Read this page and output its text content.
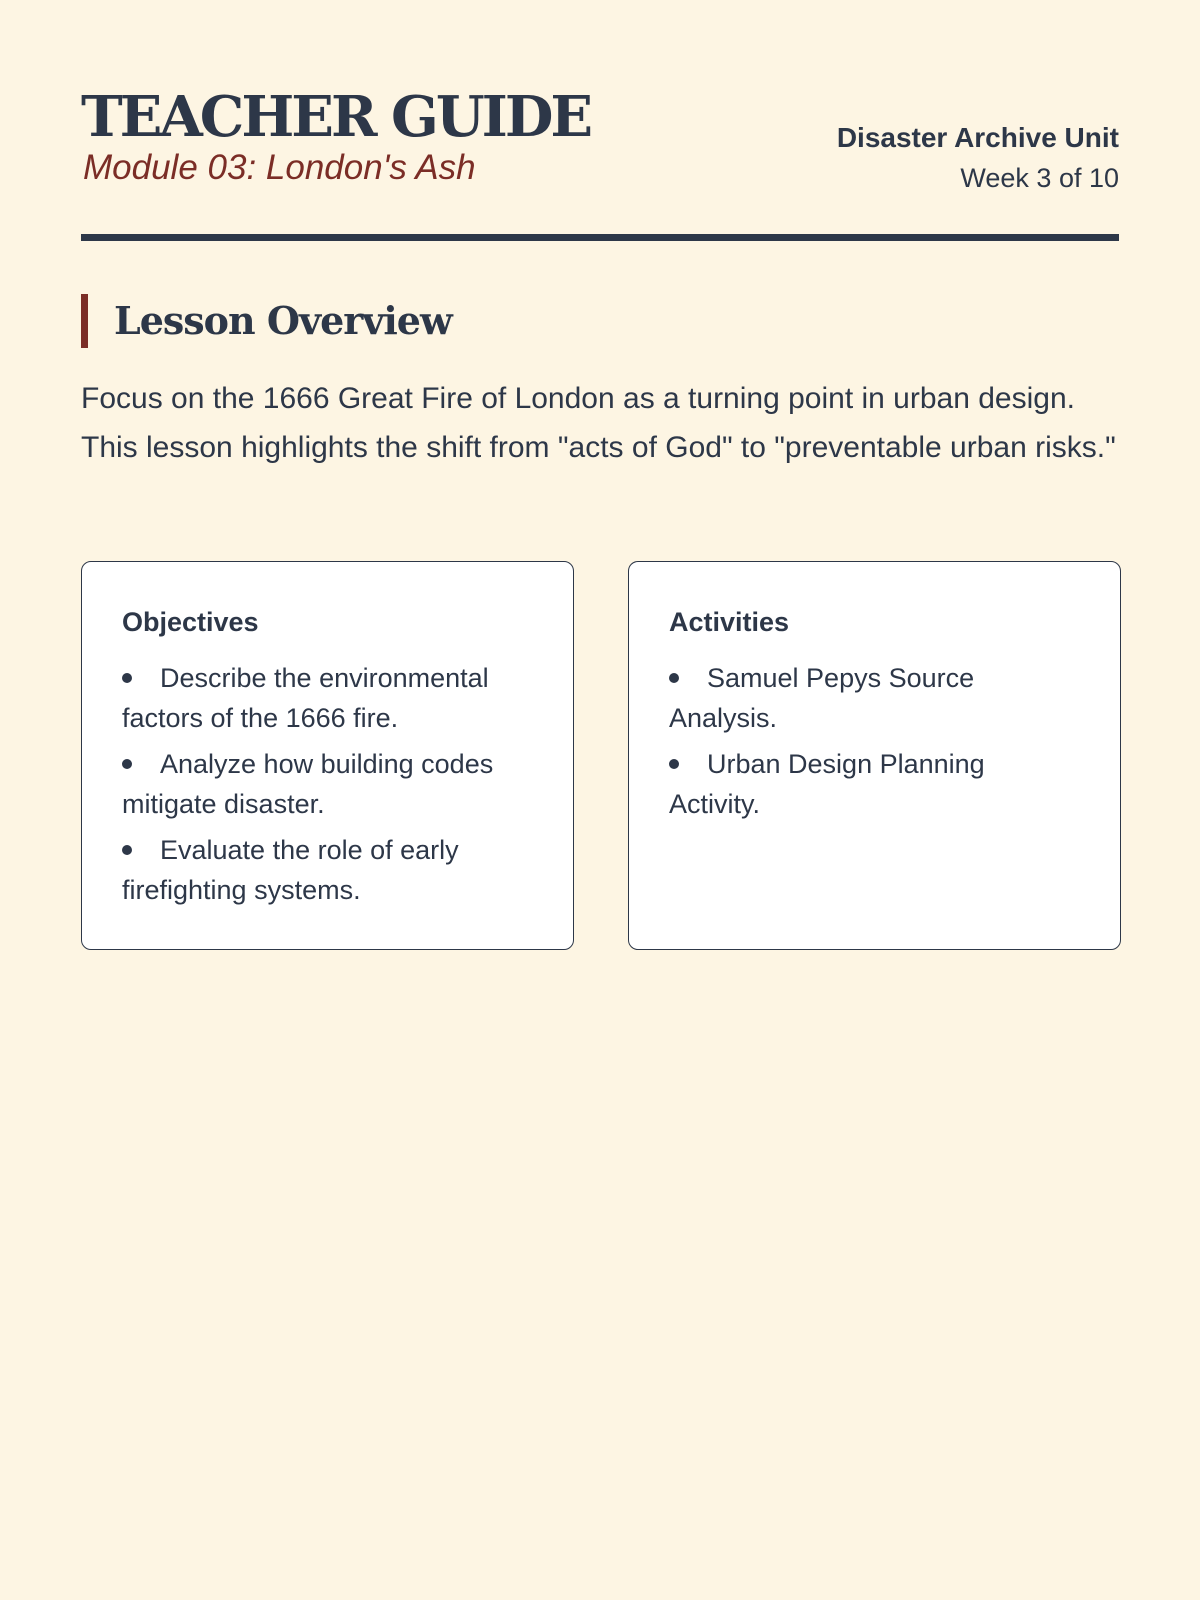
TEACHER GUIDE

Module 03: London's Ash

Disaster Archive Unit
Week 3 of 10
Lesson Overview

Focus on the 1666 Great Fire of London as a turning point in urban design. This lesson highlights the shift from "acts of God" to "preventable urban risks."

Objectives
Describe the environmental factors of the 1666 fire.
Analyze how building codes mitigate disaster.
Evaluate the role of early firefighting systems.
Activities
Samuel Pepys Source Analysis.
Urban Design Planning Activity.
